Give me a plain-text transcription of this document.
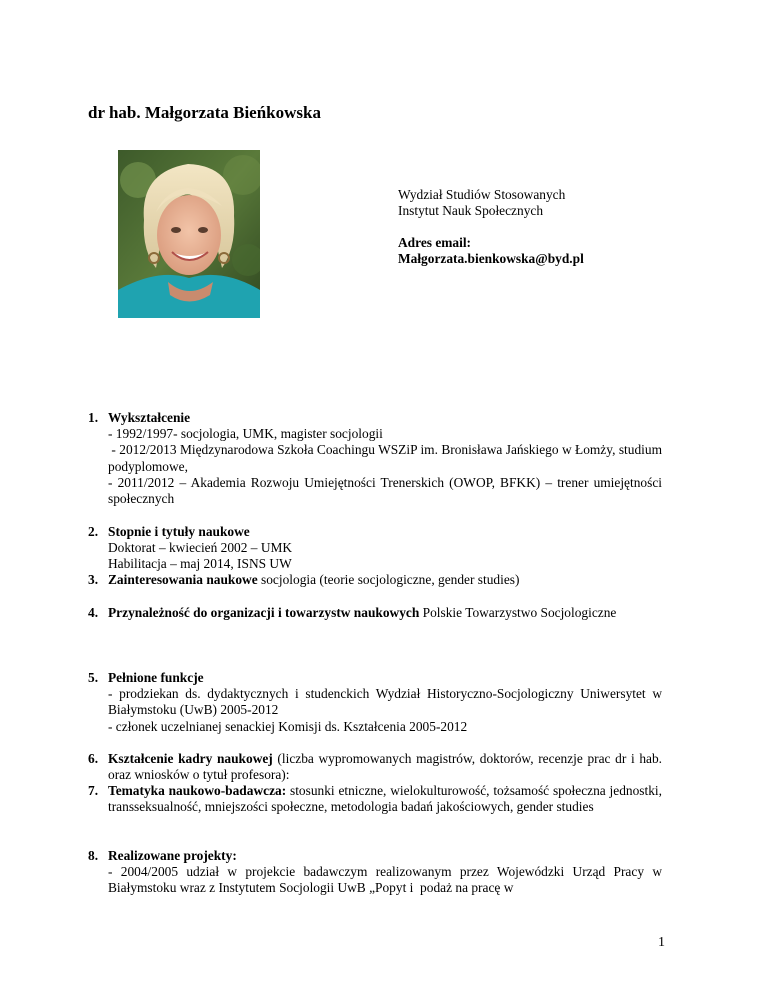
dr hab. Małgorzata Bieńkowska
Wydział Studiów Stosowanych
Instytut Nauk Społecznych
Adres email:
Małgorzata.bienkowska@byd.pl
1. Wykształcenie
- 1992/1997- socjologia, UMK, magister socjologii
- 2012/2013 Międzynarodowa Szkoła Coachingu WSZiP im. Bronisława Jańskiego w Łomży, studium podyplomowe,
- 2011/2012 – Akademia Rozwoju Umiejętności Trenerskich (OWOP, BFKK) – trener umiejętności społecznych
2. Stopnie i tytuły naukowe
Doktorat – kwiecień 2002 – UMK
Habilitacja – maj 2014, ISNS UW
3. Zainteresowania naukowe socjologia (teorie socjologiczne, gender studies)
4. Przynależność do organizacji i towarzystw naukowych Polskie Towarzystwo Socjologiczne
5. Pełnione funkcje
- prodziekan ds. dydaktycznych i studenckich Wydział Historyczno-Socjologiczny Uniwersytet w Białymstoku (UwB) 2005-2012
- członek uczelnianej senackiej Komisji ds. Kształcenia 2005-2012
6. Kształcenie kadry naukowej (liczba wypromowanych magistrów, doktorów, recenzje prac dr i hab. oraz wniosków o tytuł profesora):
7. Tematyka naukowo-badawcza: stosunki etniczne, wielokulturowość, tożsamość społeczna jednostki, transseksualność, mniejszości społeczne, metodologia badań jakościowych, gender studies
8. Realizowane projekty:
- 2004/2005 udział w projekcie badawczym realizowanym przez Wojewódzki Urząd Pracy w Białymstoku wraz z Instytutem Socjologii UwB „Popyt i  podaż na pracę w
1
